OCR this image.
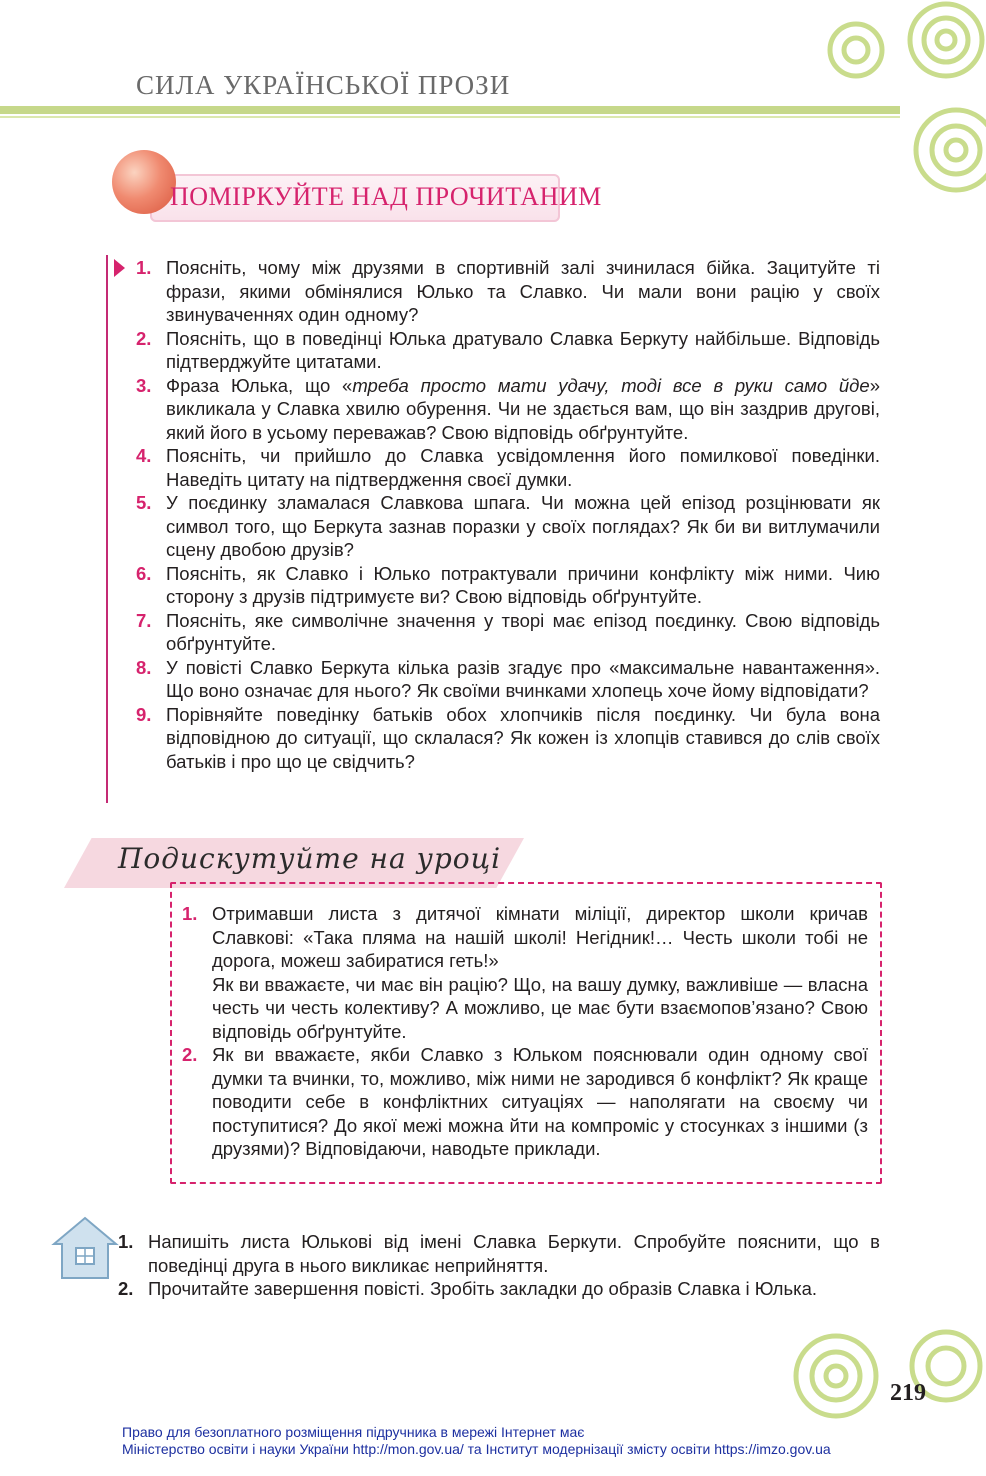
СИЛА УКРАЇНСЬКОЇ ПРОЗИ
ПОМІРКУЙТЕ НАД ПРОЧИТАНИМ
1. Поясніть, чому між друзями в спортивній залі зчинилася бійка. Зацитуйте ті фрази, якими обмінялися Юлько та Славко. Чи мали вони рацію у своїх звинуваченнях один одному?
2. Поясніть, що в поведінці Юлька дратувало Славка Беркуту найбільше. Відповідь підтверджуйте цитатами.
3. Фраза Юлька, що «треба просто мати удачу, тоді все в руки само йде» викликала у Славка хвилю обурення. Чи не здається вам, що він заздрив другові, який його в усьому переважав? Свою відповідь обґрунтуйте.
4. Поясніть, чи прийшло до Славка усвідомлення його помилкової поведінки. Наведіть цитату на підтвердження своєї думки.
5. У поєдинку зламалася Славкова шпага. Чи можна цей епізод розцінювати як символ того, що Беркута зазнав поразки у своїх поглядах? Як би ви витлумачили сцену двобою друзів?
6. Поясніть, як Славко і Юлько потрактували причини конфлікту між ними. Чию сторону з друзів підтримуєте ви? Свою відповідь обґрунтуйте.
7. Поясніть, яке символічне значення у творі має епізод поєдинку. Свою відповідь обґрунтуйте.
8. У повісті Славко Беркута кілька разів згадує про «максимальне навантаження». Що воно означає для нього? Як своїми вчинками хлопець хоче йому відповідати?
9. Порівняйте поведінку батьків обох хлопчиків після поєдинку. Чи була вона відповідною до ситуації, що склалася? Як кожен із хлопців ставився до слів своїх батьків і про що це свідчить?
Подискутуйте на уроці
1. Отримавши листа з дитячої кімнати міліції, директор школи кричав Славкові: «Така пляма на нашій школі! Негідник!… Честь школи тобі не дорога, можеш забиратися геть!»
Як ви вважаєте, чи має він рацію? Що, на вашу думку, важливіше — власна честь чи честь колективу? А можливо, це має бути взаємопов’язано? Свою відповідь обґрунтуйте.
2. Як ви вважаєте, якби Славко з Юльком пояснювали один одному свої думки та вчинки, то, можливо, між ними не зародився б конфлікт? Як краще поводити себе в конфліктних ситуаціях — наполягати на своєму чи поступитися? До якої межі можна йти на компроміс у стосунках з іншими (з друзями)? Відповідаючи, наводьте приклади.
1. Напишіть листа Юлькові від імені Славка Беркути. Спробуйте пояснити, що в поведінці друга в нього викликає неприйняття.
2. Прочитайте завершення повісті. Зробіть закладки до образів Славка і Юлька.
219
Право для безоплатного розміщення підручника в мережі Інтернет має
Міністерство освіти і науки України http://mon.gov.ua/ та Інститут модернізації змісту освіти https://imzo.gov.ua
